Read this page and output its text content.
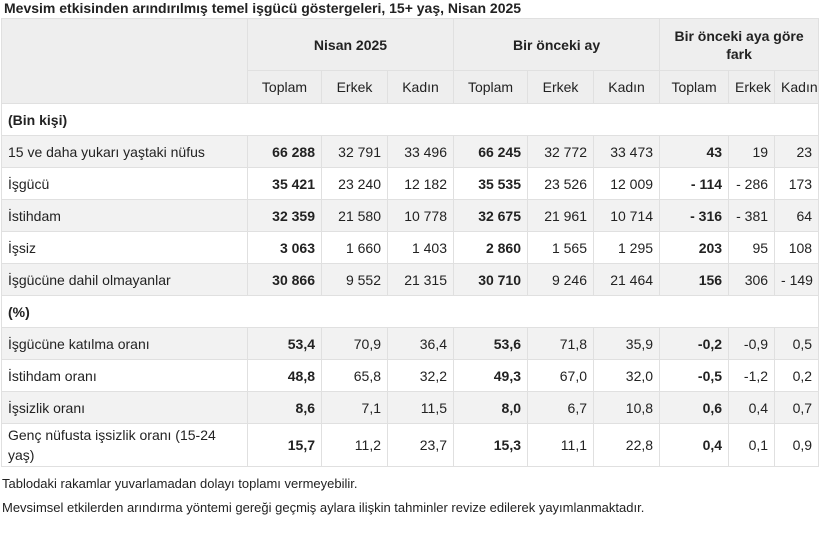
Mevsim etkisinden arındırılmış temel işgücü göstergeleri, 15+ yaş, Nisan 2025
	Nisan 2025			Bir önceki ay			Bir önceki aya göre fark		
	Toplam	Erkek	Kadın	Toplam	Erkek	Kadın	Toplam	Erkek	Kadın
(Bin kişi)									
15 ve daha yukarı yaştaki nüfus	66 288	32 791	33 496	66 245	32 772	33 473	43	19	23
İşgücü	35 421	23 240	12 182	35 535	23 526	12 009	- 114	- 286	173
İstihdam	32 359	21 580	10 778	32 675	21 961	10 714	- 316	- 381	64
İşsiz	3 063	1 660	1 403	2 860	1 565	1 295	203	95	108
İşgücüne dahil olmayanlar	30 866	9 552	21 315	30 710	9 246	21 464	156	306	- 149
(%)									
İşgücüne katılma oranı	53,4	70,9	36,4	53,6	71,8	35,9	-0,2	-0,9	0,5
İstihdam oranı	48,8	65,8	32,2	49,3	67,0	32,0	-0,5	-1,2	0,2
İşsizlik oranı	8,6	7,1	11,5	8,0	6,7	10,8	0,6	0,4	0,7
Genç nüfusta işsizlik oranı (15-24 yaş)	15,7	11,2	23,7	15,3	11,1	22,8	0,4	0,1	0,9
Tablodaki rakamlar yuvarlamadan dolayı toplamı vermeyebilir.
Mevsimsel etkilerden arındırma yöntemi gereği geçmiş aylara ilişkin tahminler revize edilerek yayımlanmaktadır.
